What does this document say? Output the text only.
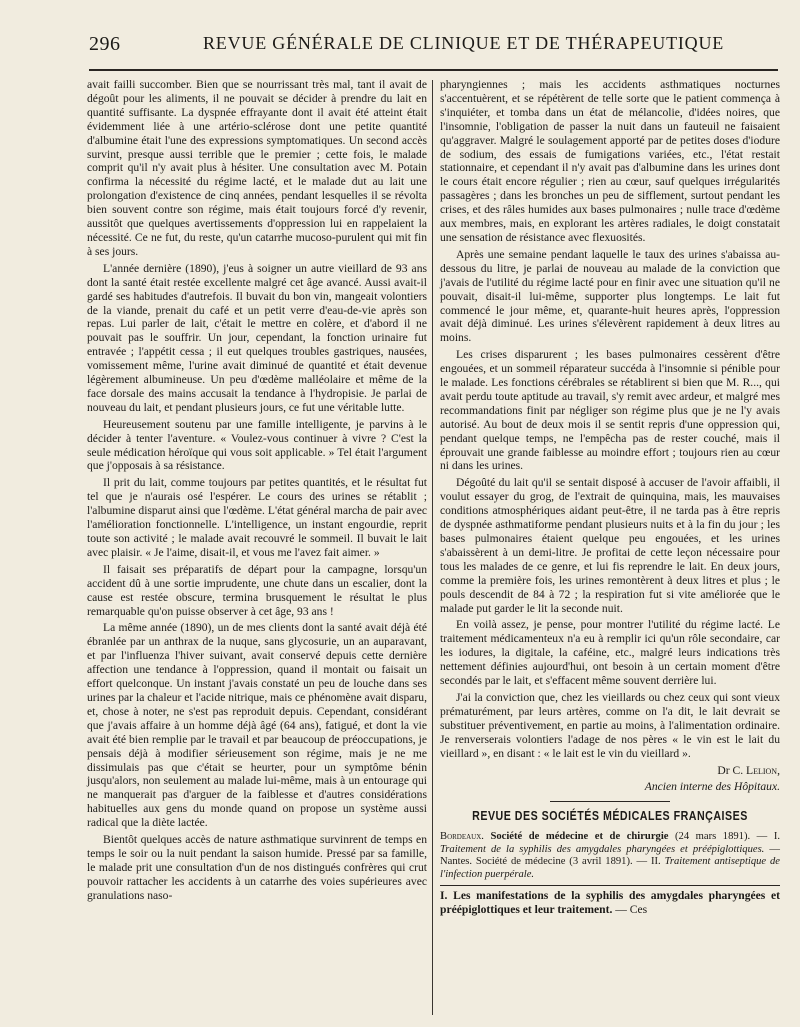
296	REVUE GÉNÉRALE DE CLINIQUE ET DE THÉRAPEUTIQUE

avait failli succomber. Bien que se nourrissant très mal, tant il avait de dégoût pour les aliments, il ne pouvait se décider à prendre du lait en quantité suffisante. La dyspnée effrayante dont il avait été atteint était évidemment liée à une artério-sclérose dont une petite quantité d'albumine était l'une des expressions symptomatiques. Un second accès survint, presque aussi terrible que le premier ; cette fois, le malade comprit qu'il n'y avait plus à hésiter. Une consultation avec M. Potain confirma la nécessité du régime lacté, et le malade dut au lait une prolongation d'existence de cinq années, pendant lesquelles il se révolta bien souvent contre son régime, mais était toujours forcé d'y revenir, aussitôt que quelques avertissements d'oppression lui en rappelaient la nécessité. Ce ne fut, du reste, qu'un catarrhe mucoso-purulent qui mit fin à ses jours.

L'année dernière (1890), j'eus à soigner un autre vieillard de 93 ans dont la santé était restée excellente malgré cet âge avancé. Aussi avait-il gardé ses habitudes d'autrefois. Il buvait du bon vin, mangeait volontiers de la viande, prenait du café et un petit verre d'eau-de-vie après son repas. Lui parler de lait, c'était le mettre en colère, et d'abord il ne pouvait pas le souffrir. Un jour, cependant, la fonction urinaire fut entravée ; l'appétit cessa ; il eut quelques troubles gastriques, nausées, vomissement même, l'urine avait diminué de quantité et était devenue légèrement albumineuse. Un peu d'œdème malléolaire et même de la face dorsale des mains accusait la tendance à l'hydropisie. Je parlai de nouveau du lait, et pendant plusieurs jours, ce fut une véritable lutte.

Heureusement soutenu par une famille intelligente, je parvins à le décider à tenter l'aventure. « Voulez-vous continuer à vivre ? C'est la seule médication héroïque qui vous soit applicable. » Tel était l'argument que j'opposais à sa résistance.

Il prit du lait, comme toujours par petites quantités, et le résultat fut tel que je n'aurais osé l'espérer. Le cours des urines se rétablit ; l'albumine disparut ainsi que l'œdème. L'état général marcha de pair avec l'amélioration fonctionnelle. L'intelligence, un instant engourdie, reprit toute son activité ; le malade avait recouvré le sommeil. Il buvait le lait avec plaisir. « Je l'aime, disait-il, et vous me l'avez fait aimer. »

Il faisait ses préparatifs de départ pour la campagne, lorsqu'un accident dû à une sortie imprudente, une chute dans un escalier, dont la cause est restée obscure, termina brusquement le résultat le plus remarquable qu'on puisse observer à cet âge, 93 ans !

La même année (1890), un de mes clients dont la santé avait déjà été ébranlée par un anthrax de la nuque, sans glycosurie, un an auparavant, et par l'influenza l'hiver suivant, avait conservé depuis cette dernière affection une tendance à l'oppression, quand il montait ou faisait un effort quelconque. Un instant j'avais constaté un peu de louche dans ses urines par la chaleur et l'acide nitrique, mais ce phénomène avait disparu, et, chose à noter, ne s'est pas reproduit depuis. Cependant, considérant que j'avais affaire à un homme déjà âgé (64 ans), fatigué, et dont la vie avait été bien remplie par le travail et par beaucoup de préoccupations, je pensais déjà à modifier sérieusement son régime, mais je ne me dissimulais pas que c'était se heurter, pour un symptôme bénin jusqu'alors, non seulement au malade lui-même, mais à un entourage qui ne manquerait pas d'arguer de la faiblesse et d'autres considérations habituelles aux gens du monde quand on propose un système aussi radical que la diète lactée.

Bientôt quelques accès de nature asthmatique survinrent de temps en temps le soir ou la nuit pendant la saison humide. Pressé par sa famille, le malade prit une consultation d'un de nos distingués confrères qui crut pouvoir rattacher les accidents à un catarrhe des voies supérieures avec granulations naso-

pharyngiennes ; mais les accidents asthmatiques nocturnes s'accentuèrent, et se répétèrent de telle sorte que le patient commença à s'inquiéter, et tomba dans un état de mélancolie, d'idées noires, que l'insomnie, l'obligation de passer la nuit dans un fauteuil ne faisaient qu'aggraver. Malgré le soulagement apporté par de petites doses d'iodure de sodium, des essais de fumigations variées, etc., l'état restait stationnaire, et cependant il n'y avait pas d'albumine dans les urines dont le cours était encore régulier ; rien au cœur, sauf quelques irrégularités passagères ; dans les bronches un peu de sifflement, surtout pendant les crises, et des râles humides aux bases pulmonaires ; nulle trace d'œdème aux membres, mais, en explorant les artères radiales, le doigt constatait une sensation de résistance avec flexuosités.

Après une semaine pendant laquelle le taux des urines s'abaissa au-dessous du litre, je parlai de nouveau au malade de la conviction que j'avais de l'utilité du régime lacté pour en finir avec une situation qu'il ne pouvait, disait-il lui-même, supporter plus longtemps. Le lait fut commencé le jour même, et, quarante-huit heures après, l'oppression avait déjà diminué. Les urines s'élevèrent rapidement à deux litres au moins.

Les crises disparurent ; les bases pulmonaires cessèrent d'être engouées, et un sommeil réparateur succéda à l'insomnie si pénible pour le malade. Les fonctions cérébrales se rétablirent si bien que M. R..., qui avait perdu toute aptitude au travail, s'y remit avec ardeur, et malgré mes recommandations finit par négliger son régime plus que je ne l'y avais autorisé. Au bout de deux mois il se sentit repris d'une oppression qui, pendant quelque temps, ne l'empêcha pas de rester couché, mais il éprouvait une grande faiblesse au moindre effort ; toujours rien au cœur ni dans les urines.

Dégoûté du lait qu'il se sentait disposé à accuser de l'avoir affaibli, il voulut essayer du grog, de l'extrait de quinquina, mais, les mauvaises conditions atmosphériques aidant peut-être, il ne tarda pas à être repris de dyspnée asthmatiforme pendant plusieurs nuits et à la fin du jour ; les bases pulmonaires étaient quelque peu engouées, et les urines s'abaissèrent à un demi-litre. Je profitai de cette leçon nécessaire pour tous les malades de ce genre, et lui fis reprendre le lait. En deux jours, comme la première fois, les urines remontèrent à deux litres et plus ; le pouls descendit de 84 à 72 ; la respiration fut si vite améliorée que le malade put garder le lit la seconde nuit.

En voilà assez, je pense, pour montrer l'utilité du régime lacté. Le traitement médicamenteux n'a eu à remplir ici qu'un rôle secondaire, car les iodures, la digitale, la caféine, etc., malgré leurs indications très nettement définies aujourd'hui, ont besoin à un certain moment d'être secondés par le lait, et s'effacent même souvent derrière lui.

J'ai la conviction que, chez les vieillards ou chez ceux qui sont vieux prématurément, par leurs artères, comme on l'a dit, le lait devrait se substituer préventivement, en partie au moins, à l'alimentation ordinaire. Je renverserais volontiers l'adage de nos pères « le vin est le lait du vieillard », en disant : « le lait est le vin du vieillard ».

Dr C. Lelion,

Ancien interne des Hôpitaux.

REVUE DES SOCIÉTÉS MÉDICALES FRANÇAISES

Bordeaux. Société de médecine et de chirurgie (24 mars 1891). — I. Traitement de la syphilis des amygdales pharyngées et préépiglottiques. — Nantes. Société de médecine (3 avril 1891). — II. Traitement antiseptique de l'infection puerpérale.

I. Les manifestations de la syphilis des amygdales pharyngées et préépiglottiques et leur traitement. — Ces
